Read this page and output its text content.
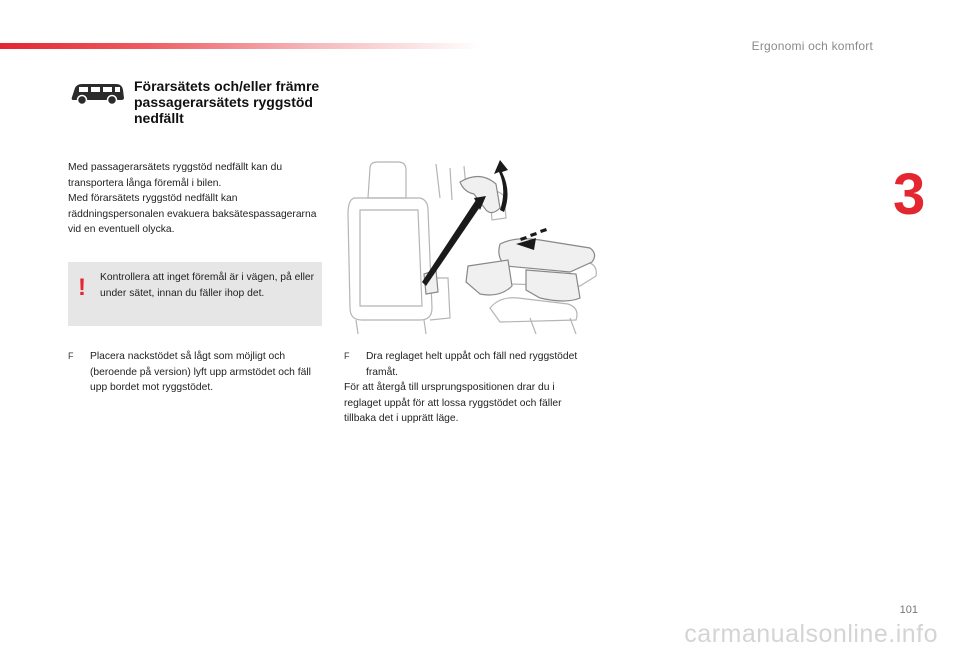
Ergonomi och komfort
3
Förarsätets och/eller främre passagerarsätets ryggstöd nedfällt

Med passagerarsätets ryggstöd nedfällt kan du transportera långa föremål i bilen.

Med förarsätets ryggstöd nedfällt kan räddningspersonalen evakuera baksätespassagerarna vid en eventuell olycka.

! Kontrollera att inget föremål är i vägen, på eller under sätet, innan du fäller ihop det.
F	Placera nackstödet så lågt som möjligt och (beroende på version) lyft upp armstödet och fäll upp bordet mot ryggstödet.
F	Dra reglaget helt uppåt och fäll ned ryggstödet framåt.
För att återgå till ursprungspositionen drar du i reglaget uppåt för att lossa ryggstödet och fäller tillbaka det i upprätt läge.
101
carmanualsonline.info
